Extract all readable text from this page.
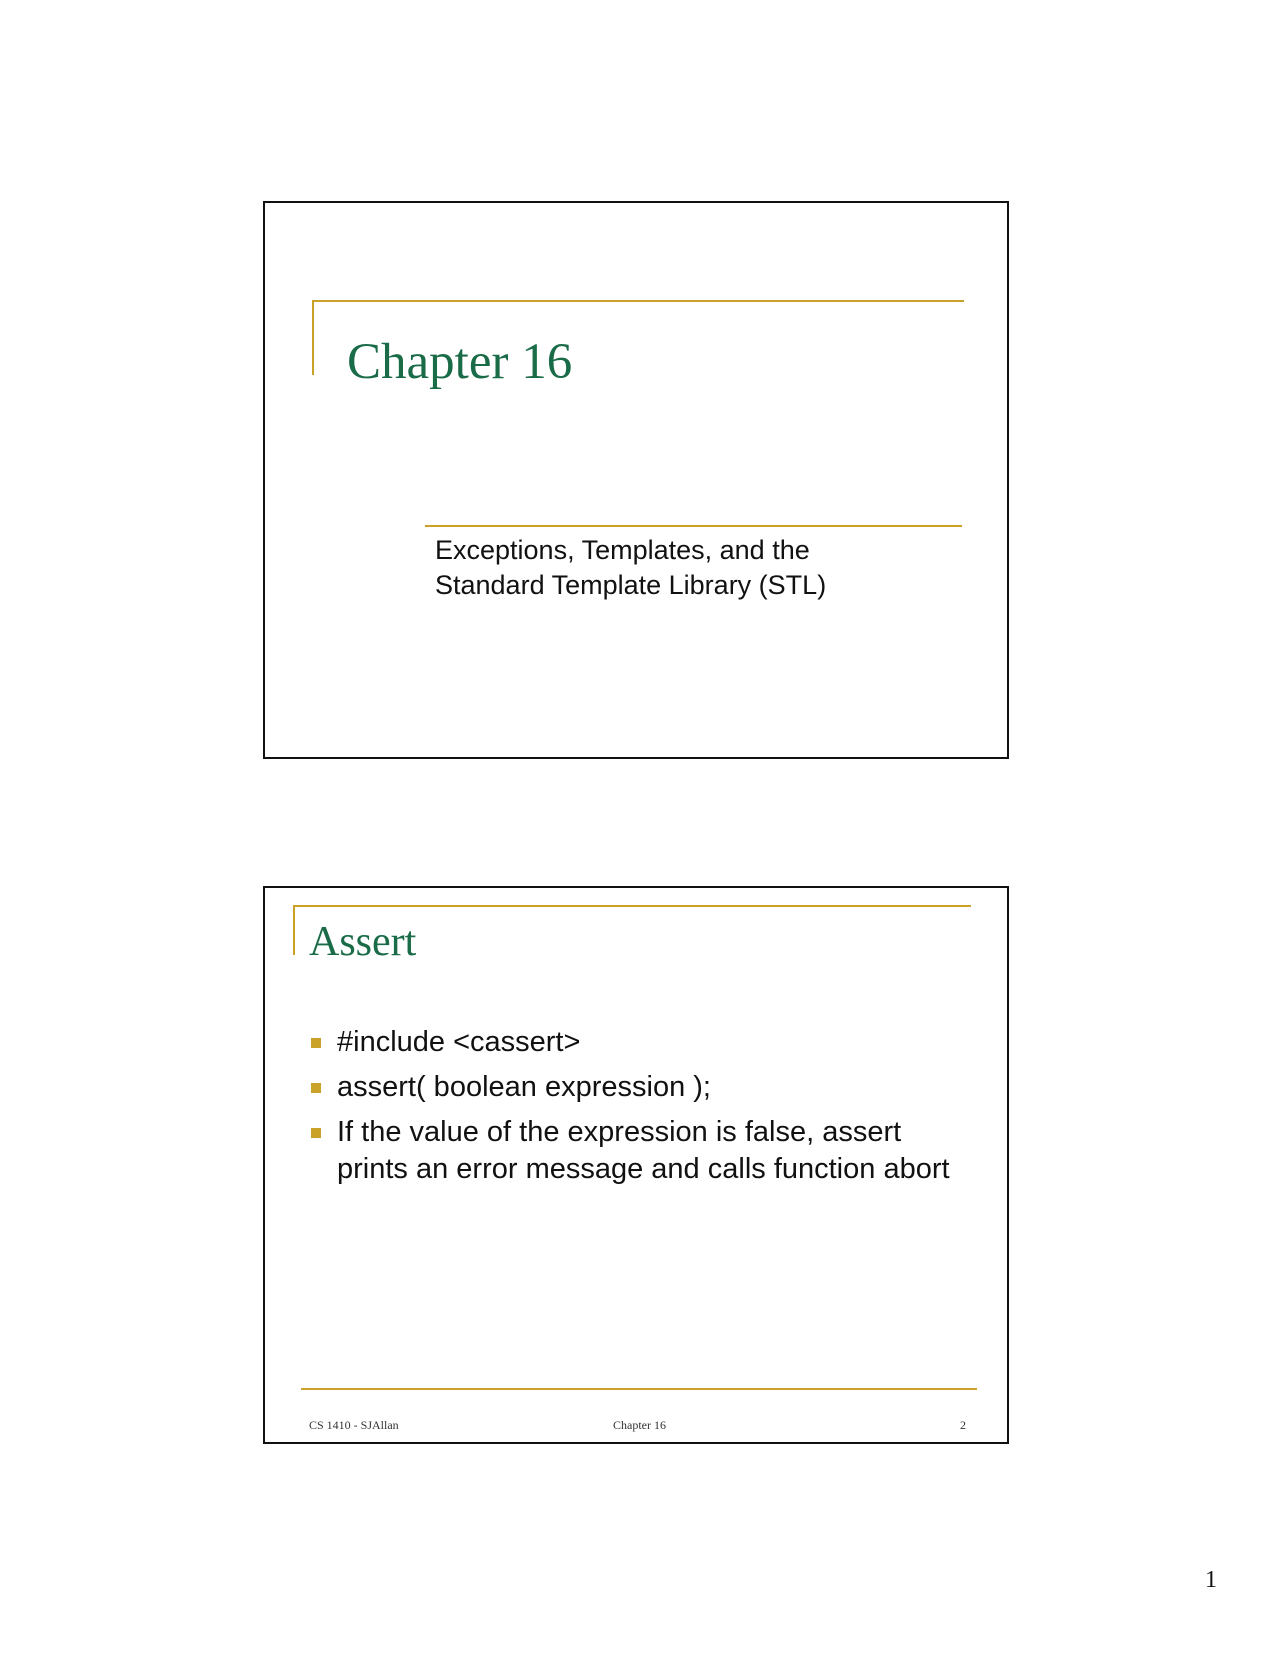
Chapter 16
Exceptions, Templates, and the
Standard Template Library (STL)
Assert
#include <cassert>
assert( boolean expression );
If the value of the expression is false, assert prints an error message and calls function abort
CS 1410 - SJAllan	Chapter 16	2
1
